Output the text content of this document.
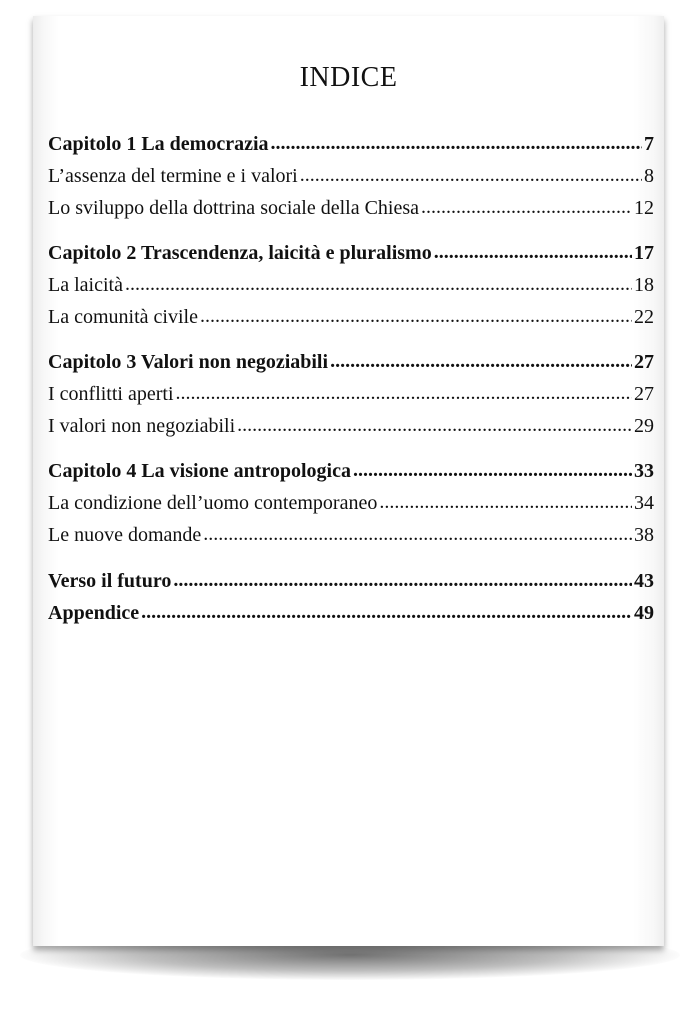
INDICE
Capitolo 1 La democrazia .....	7
L’assenza del termine e i valori .....	8
Lo sviluppo della dottrina sociale della Chiesa .....	12
Capitolo 2 Trascendenza, laicità e pluralismo .....	17
La laicità .....	18
La comunità civile .....	22
Capitolo 3 Valori non negoziabili .....	27
I conflitti aperti .....	27
I valori non negoziabili .....	29
Capitolo 4 La visione antropologica .....	33
La condizione dell’uomo contemporaneo .....	34
Le nuove domande .....	38
Verso il futuro .....	43
Appendice .....	49
